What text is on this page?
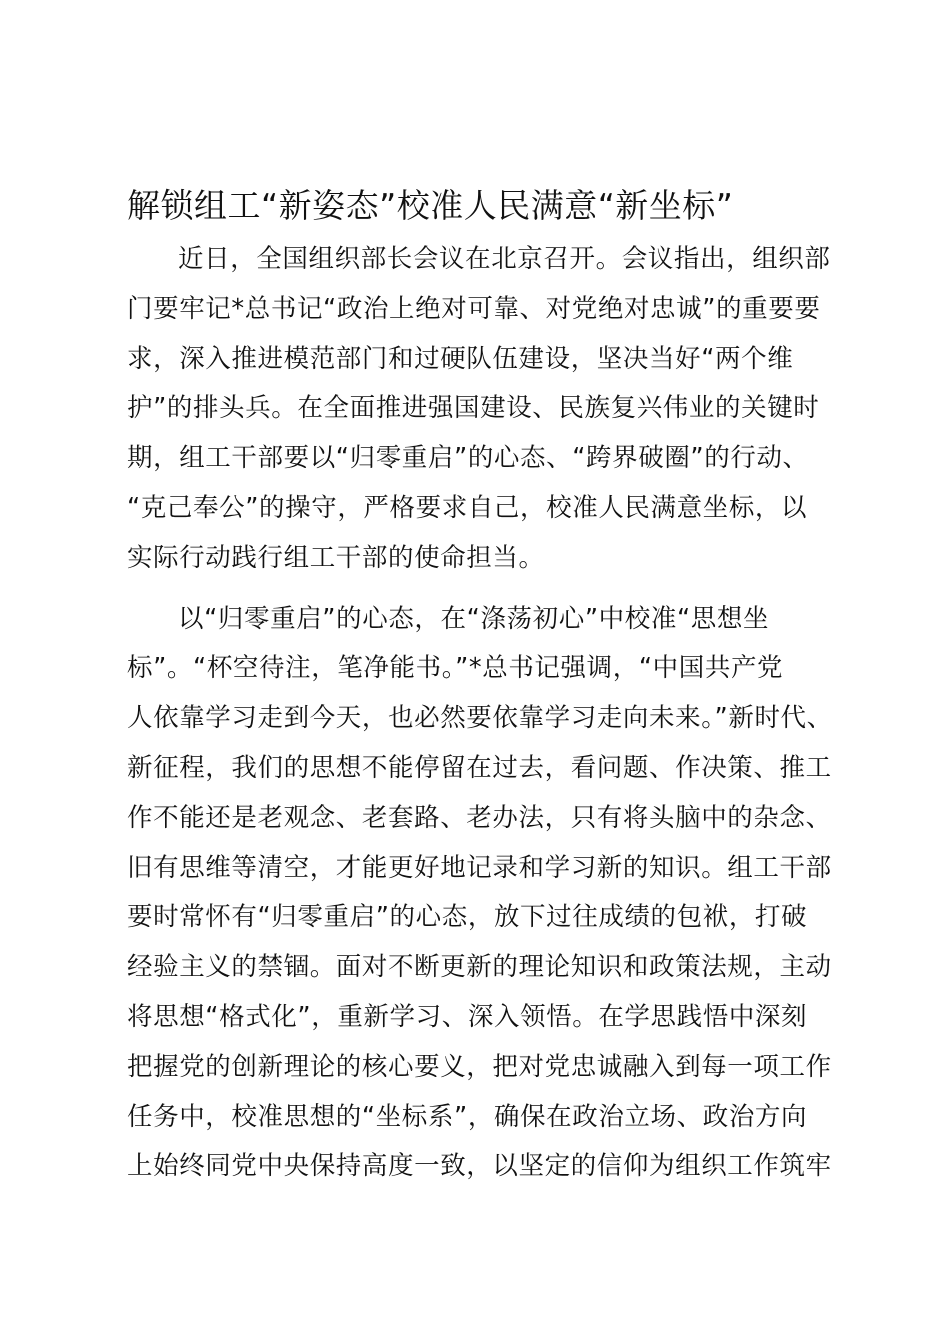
解锁组工“新姿态”校准人民满意“新坐标”
近日，全国组织部长会议在北京召开。会议指出，组织部
门要牢记*总书记“政治上绝对可靠、对党绝对忠诚”的重要要
求，深入推进模范部门和过硬队伍建设，坚决当好“两个维
护”的排头兵。在全面推进强国建设、民族复兴伟业的关键时
期，组工干部要以“归零重启”的心态、“跨界破圈”的行动、
“克己奉公”的操守，严格要求自己，校准人民满意坐标，以
实际行动践行组工干部的使命担当。
以“归零重启”的心态，在“涤荡初心”中校准“思想坐
标”。“杯空待注，笔净能书。”*总书记强调，“中国共产党
人依靠学习走到今天，也必然要依靠学习走向未来。”新时代、
新征程，我们的思想不能停留在过去，看问题、作决策、推工
作不能还是老观念、老套路、老办法，只有将头脑中的杂念、
旧有思维等清空，才能更好地记录和学习新的知识。组工干部
要时常怀有“归零重启”的心态，放下过往成绩的包袱，打破
经验主义的禁锢。面对不断更新的理论知识和政策法规，主动
将思想“格式化”，重新学习、深入领悟。在学思践悟中深刻
把握党的创新理论的核心要义，把对党忠诚融入到每一项工作
任务中，校准思想的“坐标系”，确保在政治立场、政治方向
上始终同党中央保持高度一致，以坚定的信仰为组织工作筑牢
